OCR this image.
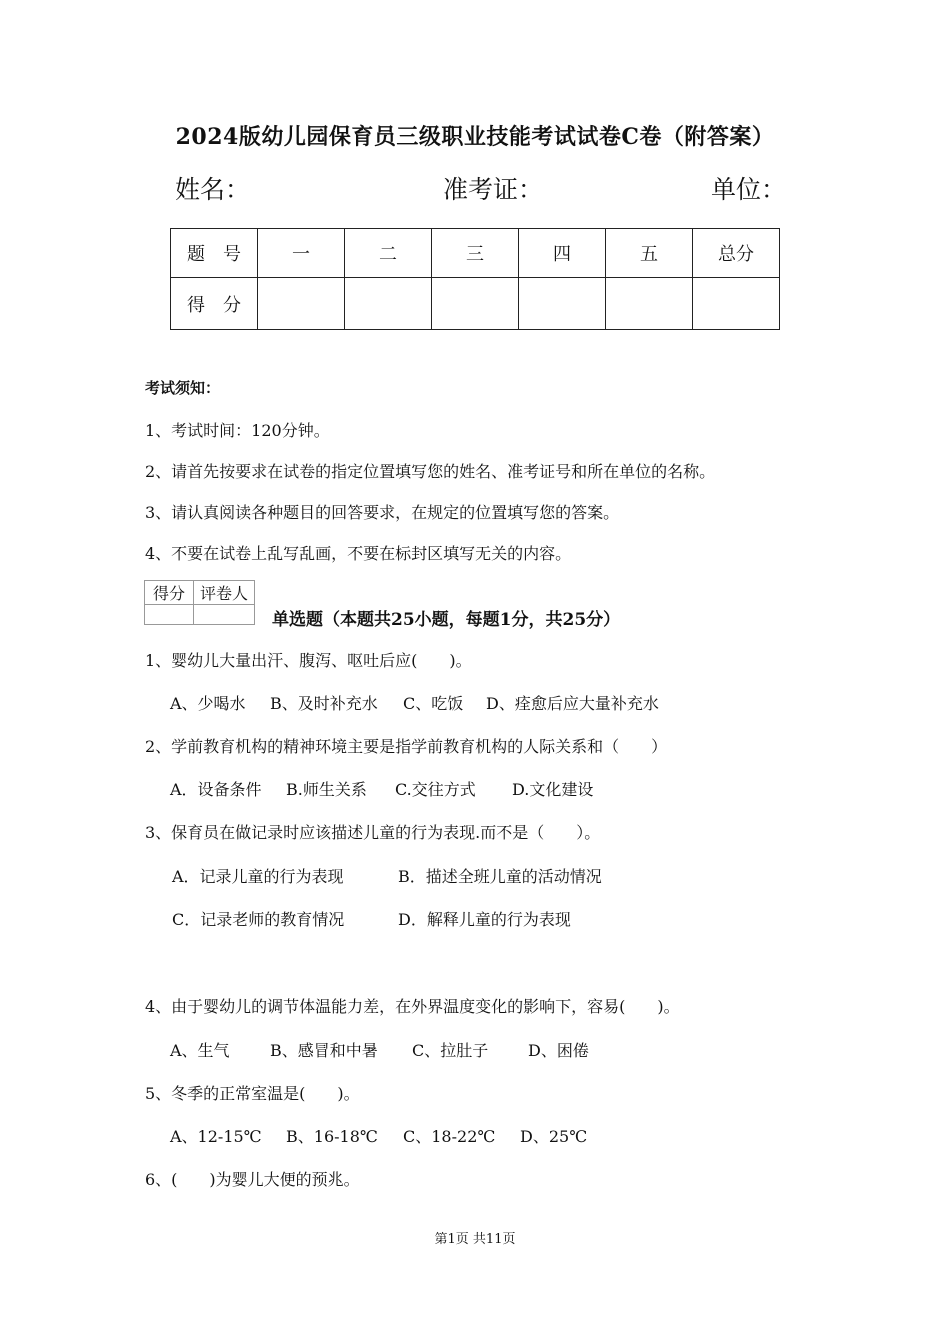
2024版幼儿园保育员三级职业技能考试试卷C卷（附答案）
姓名：	准考证：	单位：
题　号	一	二	三	四	五	总分
得　分						
考试须知：
1、考试时间：120分钟。
2、请首先按要求在试卷的指定位置填写您的姓名、准考证号和所在单位的名称。
3、请认真阅读各种题目的回答要求，在规定的位置填写您的答案。
4、不要在试卷上乱写乱画，不要在标封区填写无关的内容。
得分	评卷人

单选题（本题共25小题，每题1分，共25分）
1、婴幼儿大量出汗、腹泻、呕吐后应(　　)。
A、少喝水 B、及时补充水 C、吃饭 D、痊愈后应大量补充水
2、学前教育机构的精神环境主要是指学前教育机构的人际关系和（　　）
A．设备条件 B.师生关系 C.交往方式 D.文化建设
3、保育员在做记录时应该描述儿童的行为表现.而不是（　　）。
A．记录儿童的行为表现	B．描述全班儿童的活动情况
C．记录老师的教育情况	D．解释儿童的行为表现
4、由于婴幼儿的调节体温能力差，在外界温度变化的影响下，容易(　　)。
A、生气	B、感冒和中暑 C、拉肚子 D、困倦
5、冬季的正常室温是(　　)。
A、12-15℃ B、16-18℃ C、18-22℃ D、25℃
6、(　　)为婴儿大便的预兆。
第1页 共11页
